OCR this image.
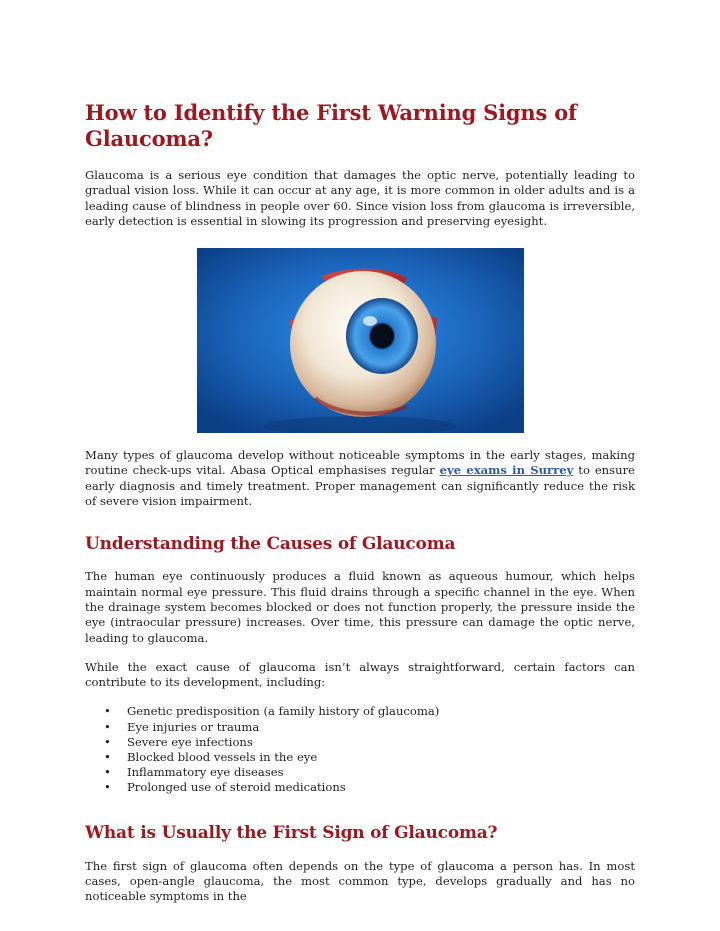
How to Identify the First Warning Signs of Glaucoma?

Glaucoma is a serious eye condition that damages the optic nerve, potentially leading to gradual vision loss. While it can occur at any age, it is more common in older adults and is a leading cause of blindness in people over 60. Since vision loss from glaucoma is irreversible, early detection is essential in slowing its progression and preserving eyesight.

Many types of glaucoma develop without noticeable symptoms in the early stages, making routine check-ups vital. Abasa Optical emphasises regular eye exams in Surrey to ensure early diagnosis and timely treatment. Proper management can significantly reduce the risk of severe vision impairment.

Understanding the Causes of Glaucoma

The human eye continuously produces a fluid known as aqueous humour, which helps maintain normal eye pressure. This fluid drains through a specific channel in the eye. When the drainage system becomes blocked or does not function properly, the pressure inside the eye (intraocular pressure) increases. Over time, this pressure can damage the optic nerve, leading to glaucoma.

While the exact cause of glaucoma isn’t always straightforward, certain factors can contribute to its development, including:

• Genetic predisposition (a family history of glaucoma)
• Eye injuries or trauma
• Severe eye infections
• Blocked blood vessels in the eye
• Inflammatory eye diseases
• Prolonged use of steroid medications
What is Usually the First Sign of Glaucoma?

The first sign of glaucoma often depends on the type of glaucoma a person has. In most cases, open-angle glaucoma, the most common type, develops gradually and has no noticeable symptoms in the
